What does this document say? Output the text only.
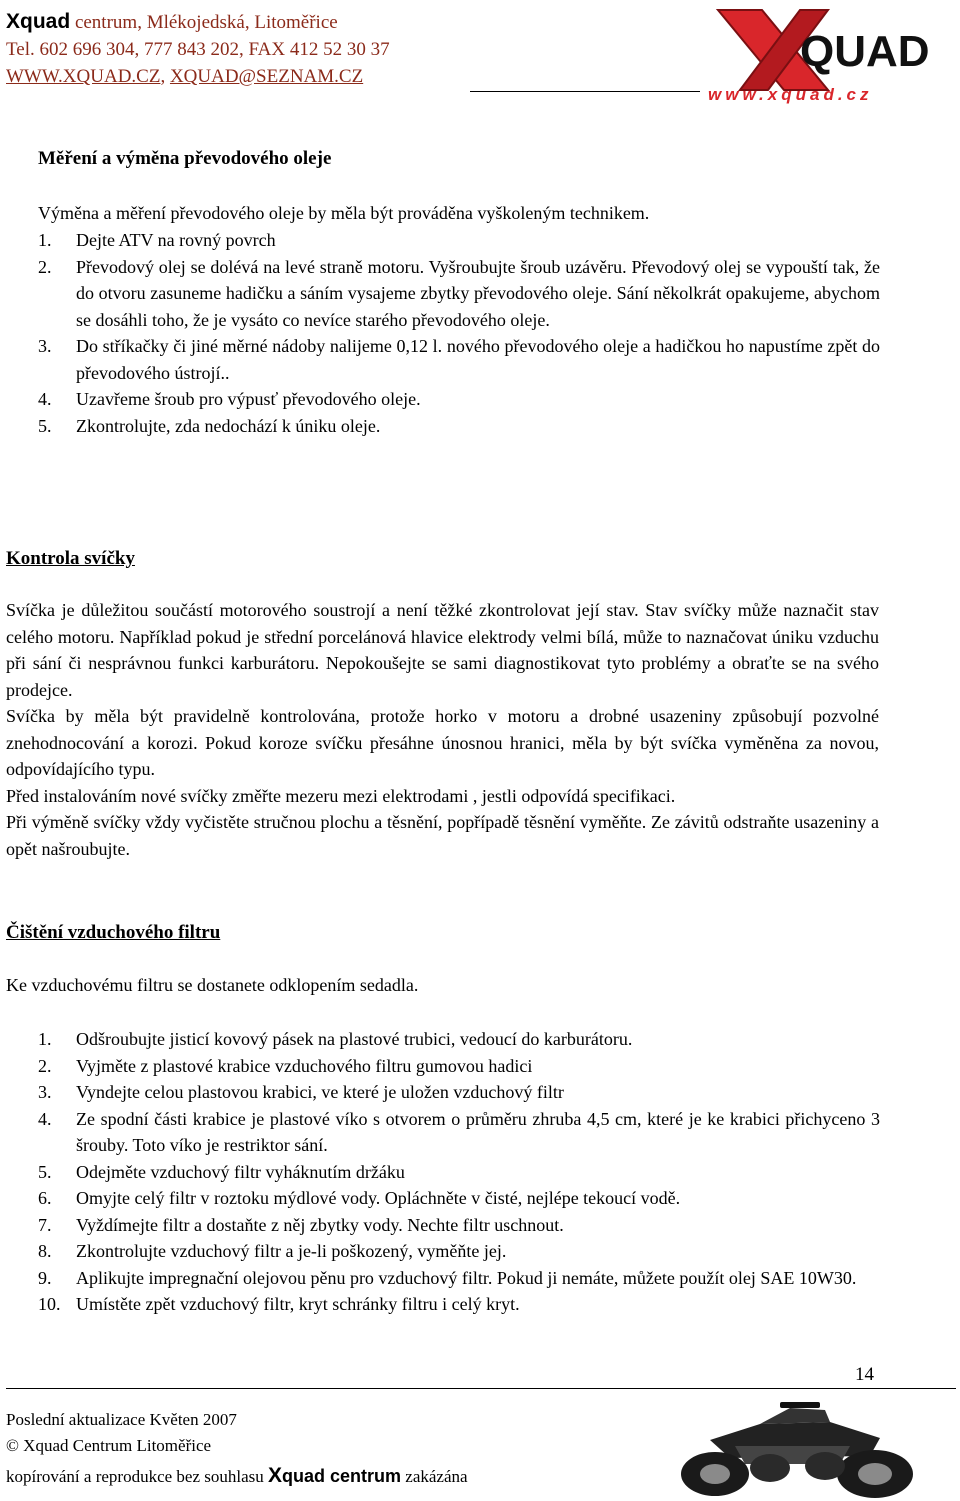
Xquad centrum, Mlékojedská, Litoměřice
Tel. 602 696 304, 777 843 202, FAX 412 52 30 37
WWW.XQUAD.CZ, XQUAD@SEZNAM.CZ
QUAD
www.xquad.cz
Měření a výměna převodového oleje
Výměna a měření převodového oleje by měla být prováděna vyškoleným technikem.
1. Dejte ATV na rovný povrch
2. Převodový olej se dolévá na levé straně motoru. Vyšroubujte šroub uzávěru. Převodový olej se vypouští tak, že do otvoru zasuneme hadičku a sáním vysajeme zbytky převodového oleje. Sání několkrát opakujeme, abychom se dosáhli toho, že je vysáto co nevíce starého převodového oleje.
3. Do stříkačky či jiné měrné nádoby nalijeme 0,12 l. nového převodového oleje a hadičkou ho napustíme zpět do převodového ústrojí..
4. Uzavřeme šroub pro výpusť převodového oleje.
5. Zkontrolujte, zda nedochází k úniku oleje.
Kontrola svíčky
Svíčka je důležitou součástí motorového soustrojí a není těžké zkontrolovat její stav. Stav svíčky může naznačit stav celého motoru. Například pokud je střední porcelánová hlavice elektrody velmi bílá, může to naznačovat úniku vzduchu při sání či nesprávnou funkci karburátoru. Nepokoušejte se sami diagnostikovat tyto problémy a obraťte se na svého prodejce.
Svíčka by měla být pravidelně kontrolována, protože horko v motoru a drobné usazeniny způsobují pozvolné znehodnocování a korozi. Pokud koroze svíčku přesáhne únosnou hranici, měla by být svíčka vyměněna za novou, odpovídajícího typu.
Před instalováním nové svíčky změřte mezeru mezi elektrodami , jestli odpovídá specifikaci.
Při výměně svíčky vždy vyčistěte stručnou plochu a těsnění, popřípadě těsnění vyměňte. Ze závitů odstraňte usazeniny a opět našroubujte.
Čištění vzduchového filtru
Ke vzduchovému filtru se dostanete odklopením sedadla.
1. Odšroubujte jisticí kovový pásek na plastové trubici, vedoucí do karburátoru.
2. Vyjměte z plastové krabice vzduchového filtru gumovou hadici
3. Vyndejte celou plastovou krabici, ve které je uložen vzduchový filtr
4. Ze spodní části krabice je plastové víko s otvorem o průměru zhruba 4,5 cm, které je ke krabici přichyceno 3 šrouby. Toto víko je restriktor sání.
5. Odejměte vzduchový filtr vyháknutím držáku
6. Omyjte celý filtr v roztoku mýdlové vody. Opláchněte v čisté, nejlépe tekoucí vodě.
7. Vyždímejte filtr a dostaňte z něj zbytky vody. Nechte filtr uschnout.
8. Zkontrolujte vzduchový filtr a je-li poškozený, vyměňte jej.
9. Aplikujte impregnační olejovou pěnu pro vzduchový filtr. Pokud ji nemáte, můžete použít olej SAE 10W30.
10. Umístěte zpět vzduchový filtr, kryt schránky filtru i celý kryt.
14
Poslední aktualizace Květen 2007
© Xquad Centrum Litoměřice
kopírování a reprodukce bez souhlasu Xquad centrum zakázána
